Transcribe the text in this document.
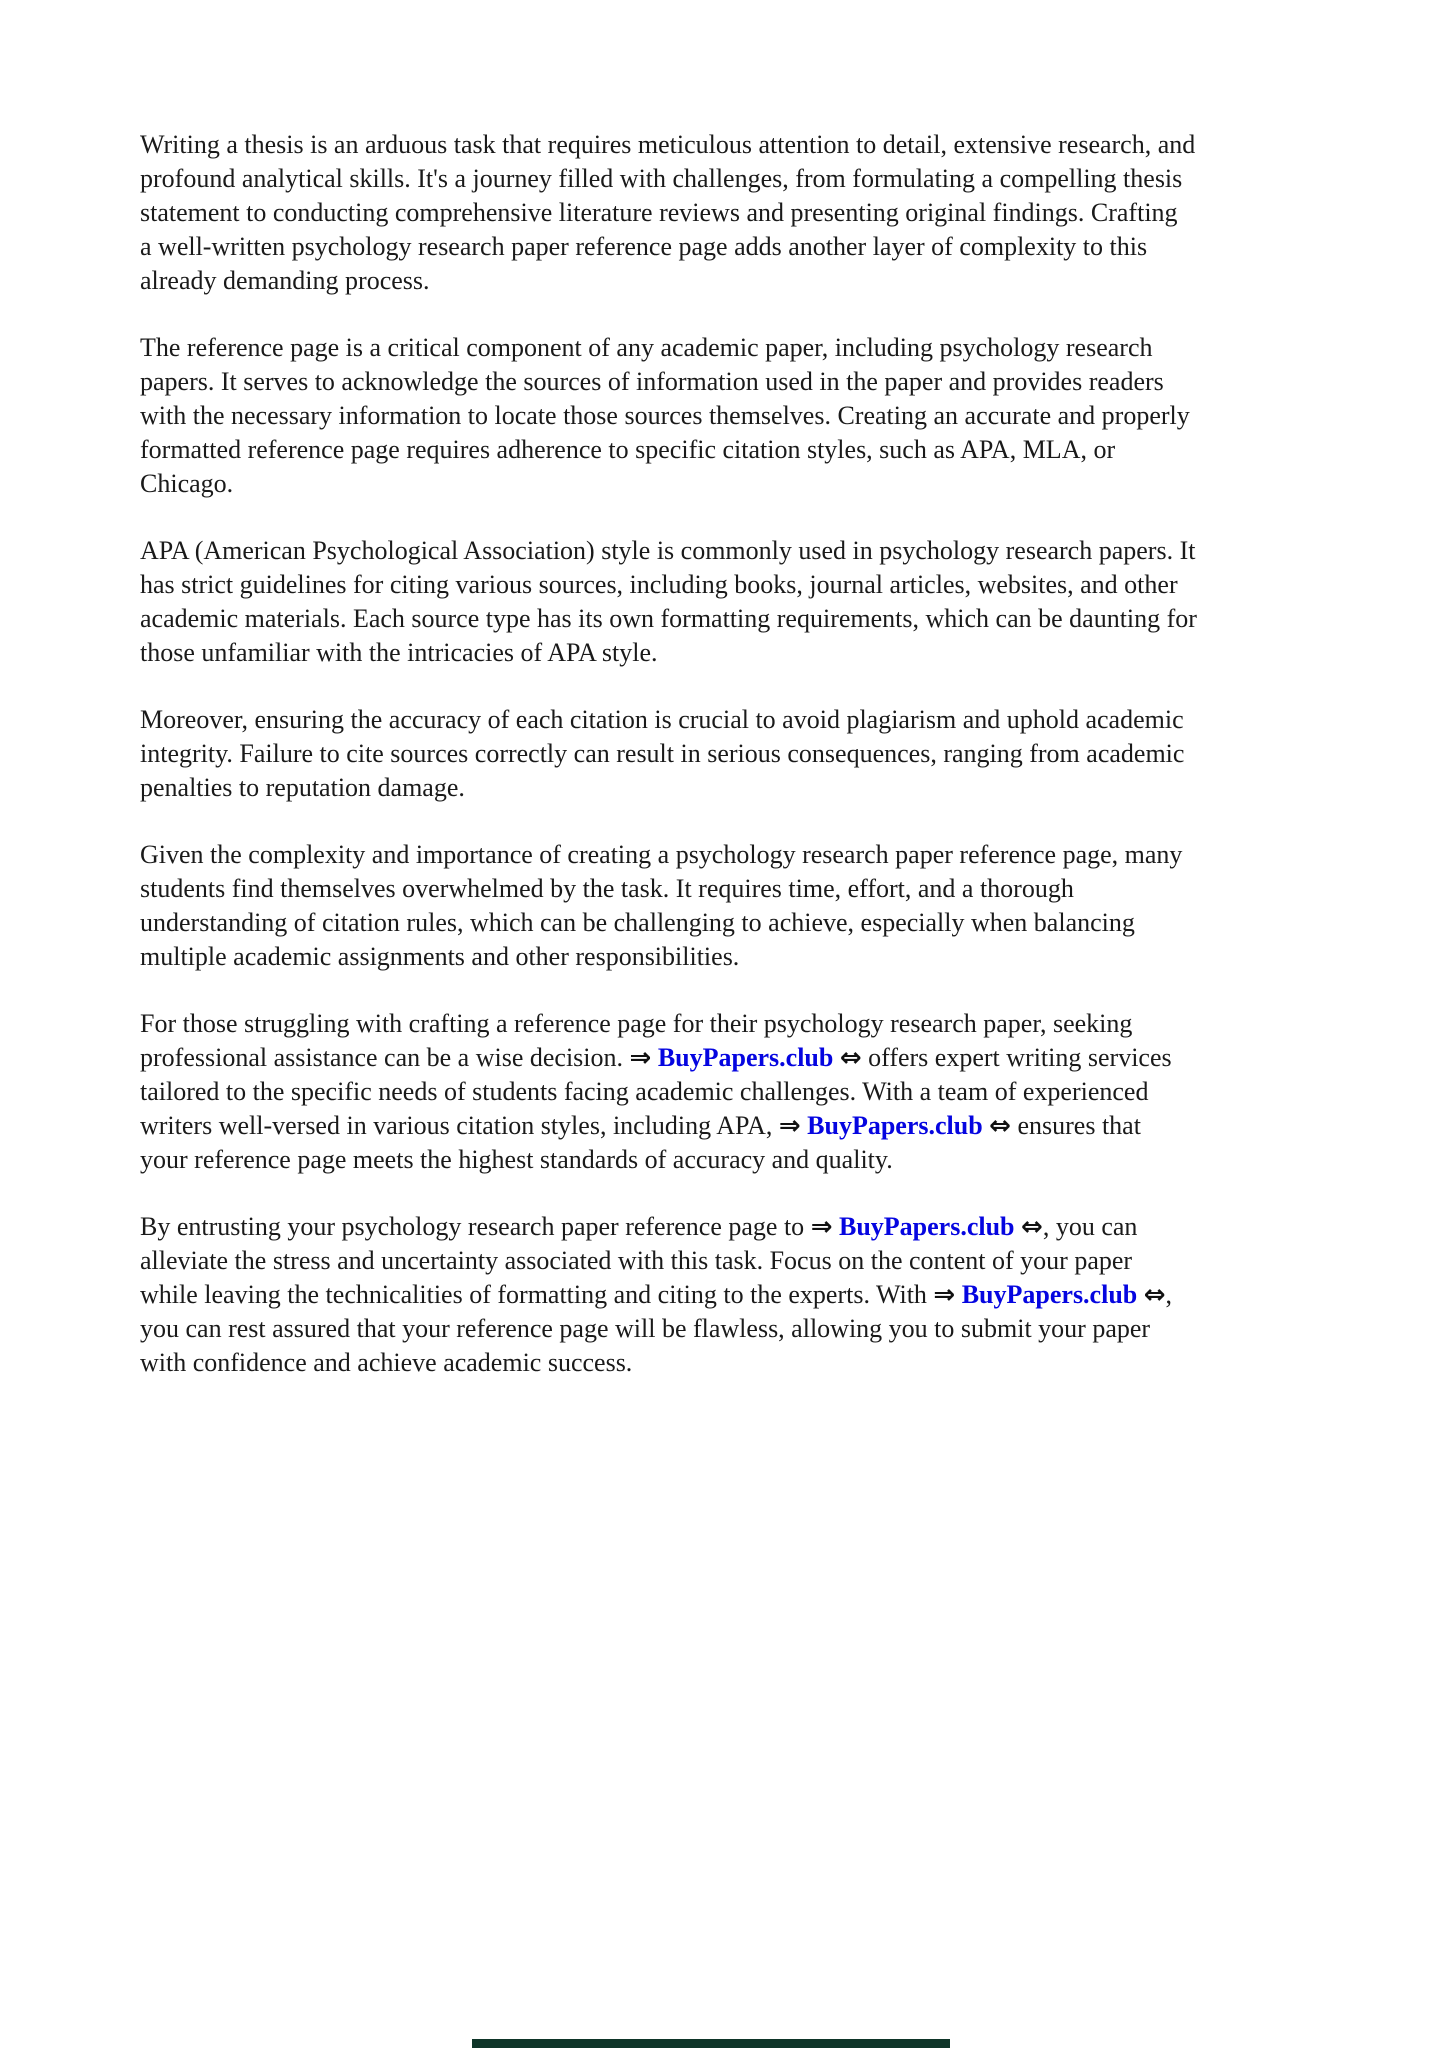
Writing a thesis is an arduous task that requires meticulous attention to detail, extensive research, and
profound analytical skills. It's a journey filled with challenges, from formulating a compelling thesis
statement to conducting comprehensive literature reviews and presenting original findings. Crafting
a well-written psychology research paper reference page adds another layer of complexity to this
already demanding process.

The reference page is a critical component of any academic paper, including psychology research
papers. It serves to acknowledge the sources of information used in the paper and provides readers
with the necessary information to locate those sources themselves. Creating an accurate and properly
formatted reference page requires adherence to specific citation styles, such as APA, MLA, or
Chicago.

APA (American Psychological Association) style is commonly used in psychology research papers. It
has strict guidelines for citing various sources, including books, journal articles, websites, and other
academic materials. Each source type has its own formatting requirements, which can be daunting for
those unfamiliar with the intricacies of APA style.

Moreover, ensuring the accuracy of each citation is crucial to avoid plagiarism and uphold academic
integrity. Failure to cite sources correctly can result in serious consequences, ranging from academic
penalties to reputation damage.

Given the complexity and importance of creating a psychology research paper reference page, many
students find themselves overwhelmed by the task. It requires time, effort, and a thorough
understanding of citation rules, which can be challenging to achieve, especially when balancing
multiple academic assignments and other responsibilities.

For those struggling with crafting a reference page for their psychology research paper, seeking
professional assistance can be a wise decision. ⇒ BuyPapers.club ⇔ offers expert writing services
tailored to the specific needs of students facing academic challenges. With a team of experienced
writers well-versed in various citation styles, including APA, ⇒ BuyPapers.club ⇔ ensures that
your reference page meets the highest standards of accuracy and quality.

By entrusting your psychology research paper reference page to ⇒ BuyPapers.club ⇔, you can
alleviate the stress and uncertainty associated with this task. Focus on the content of your paper
while leaving the technicalities of formatting and citing to the experts. With ⇒ BuyPapers.club ⇔,
you can rest assured that your reference page will be flawless, allowing you to submit your paper
with confidence and achieve academic success.
